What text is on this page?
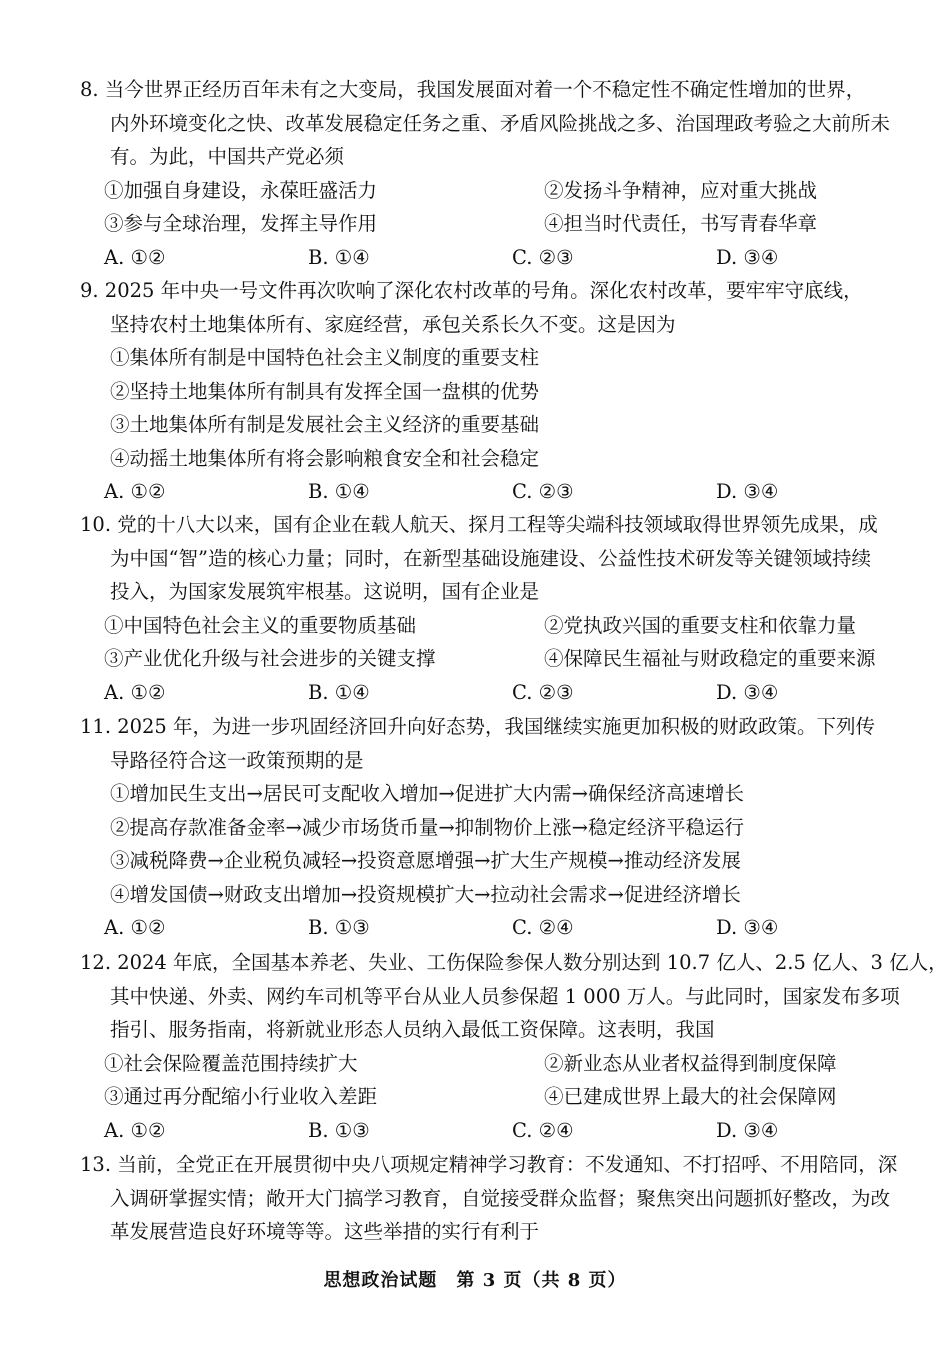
8. 当今世界正经历百年未有之大变局，我国发展面对着一个不稳定性不确定性增加的世界，
内外环境变化之快、改革发展稳定任务之重、矛盾风险挑战之多、治国理政考验之大前所未
有。为此，中国共产党必须
①加强自身建设，永葆旺盛活力	②发扬斗争精神，应对重大挑战
③参与全球治理，发挥主导作用	④担当时代责任，书写青春华章
A. ①②	B. ①④	C. ②③	D. ③④
9. 2025 年中央一号文件再次吹响了深化农村改革的号角。深化农村改革，要牢牢守底线，
坚持农村土地集体所有、家庭经营，承包关系长久不变。这是因为
①集体所有制是中国特色社会主义制度的重要支柱
②坚持土地集体所有制具有发挥全国一盘棋的优势
③土地集体所有制是发展社会主义经济的重要基础
④动摇土地集体所有将会影响粮食安全和社会稳定
A. ①②	B. ①④	C. ②③	D. ③④
10. 党的十八大以来，国有企业在载人航天、探月工程等尖端科技领域取得世界领先成果，成
为中国“智”造的核心力量；同时，在新型基础设施建设、公益性技术研发等关键领域持续
投入，为国家发展筑牢根基。这说明，国有企业是
①中国特色社会主义的重要物质基础	②党执政兴国的重要支柱和依靠力量
③产业优化升级与社会进步的关键支撑	④保障民生福祉与财政稳定的重要来源
A. ①②	B. ①④	C. ②③	D. ③④
11. 2025 年，为进一步巩固经济回升向好态势，我国继续实施更加积极的财政政策。下列传
导路径符合这一政策预期的是
①增加民生支出→居民可支配收入增加→促进扩大内需→确保经济高速增长
②提高存款准备金率→减少市场货币量→抑制物价上涨→稳定经济平稳运行
③减税降费→企业税负减轻→投资意愿增强→扩大生产规模→推动经济发展
④增发国债→财政支出增加→投资规模扩大→拉动社会需求→促进经济增长
A. ①②	B. ①③	C. ②④	D. ③④
12. 2024 年底，全国基本养老、失业、工伤保险参保人数分别达到 10.7 亿人、2.5 亿人、3 亿人，
其中快递、外卖、网约车司机等平台从业人员参保超 1 000 万人。与此同时，国家发布多项
指引、服务指南，将新就业形态人员纳入最低工资保障。这表明，我国
①社会保险覆盖范围持续扩大	②新业态从业者权益得到制度保障
③通过再分配缩小行业收入差距	④已建成世界上最大的社会保障网
A. ①②	B. ①③	C. ②④	D. ③④
13. 当前，全党正在开展贯彻中央八项规定精神学习教育：不发通知、不打招呼、不用陪同，深
入调研掌握实情；敞开大门搞学习教育，自觉接受群众监督；聚焦突出问题抓好整改，为改
革发展营造良好环境等等。这些举措的实行有利于
思想政治试题　第 3 页（共 8 页）
